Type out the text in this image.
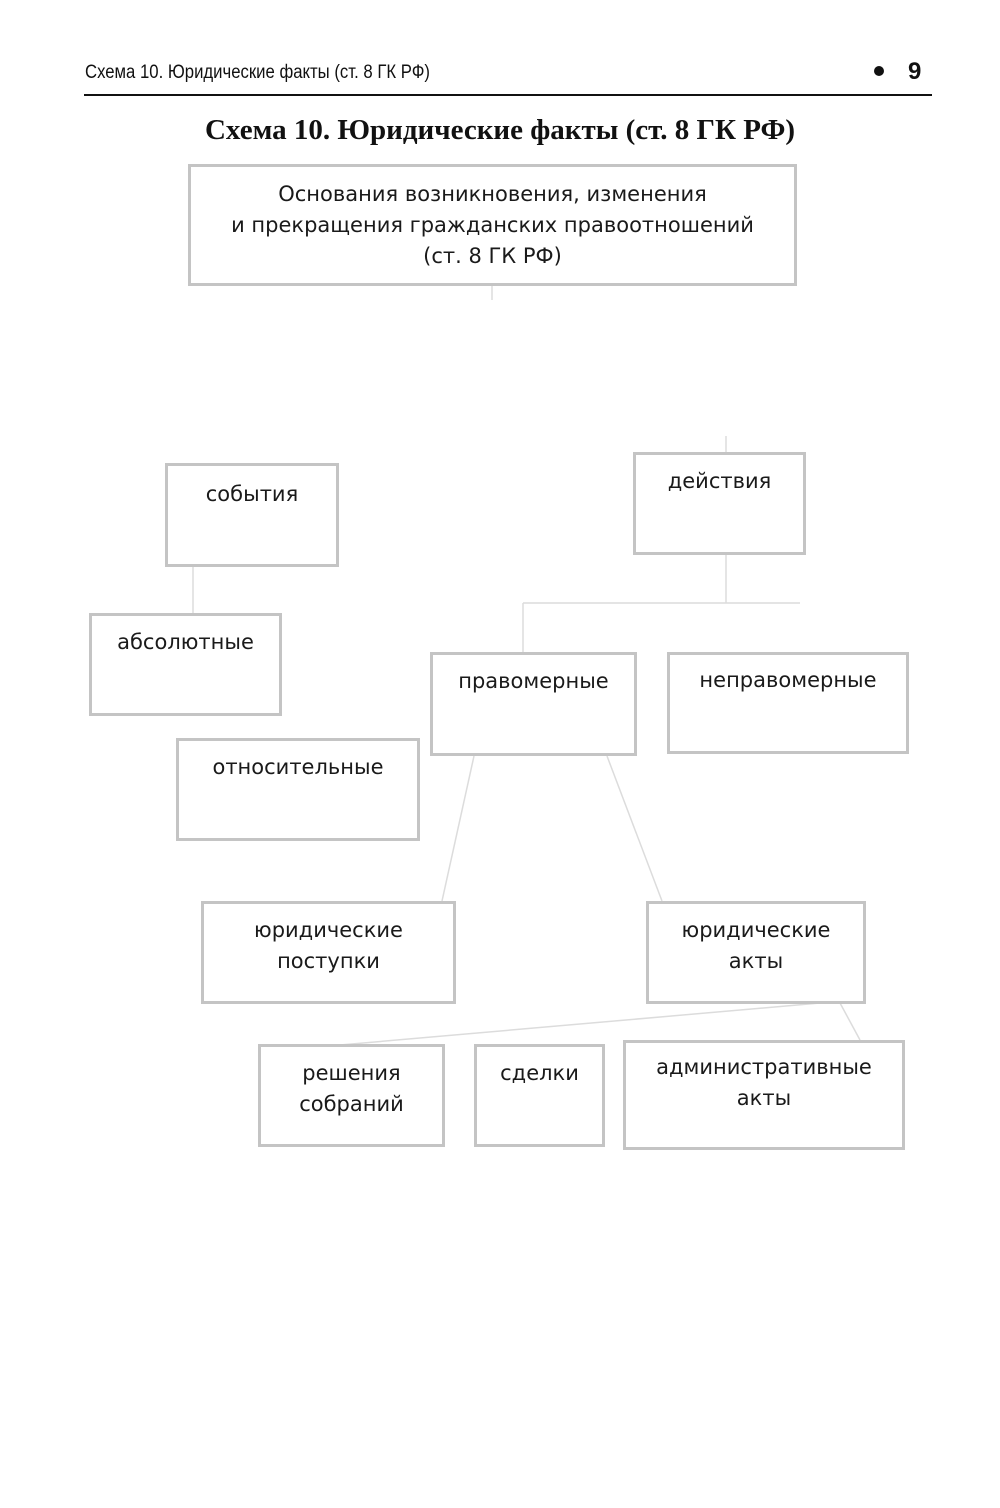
Схема 10. Юридические факты (ст. 8 ГК РФ)	9
Схема 10. Юридические факты (ст. 8 ГК РФ)
Основания возникновения, изменения
и прекращения гражданских правоотношений
(ст. 8 ГК РФ)
события
действия
абсолютные
относительные
правомерные	неправомерные
юридические
поступки
юридические
акты
решения
собраний
сделки	административные
акты
